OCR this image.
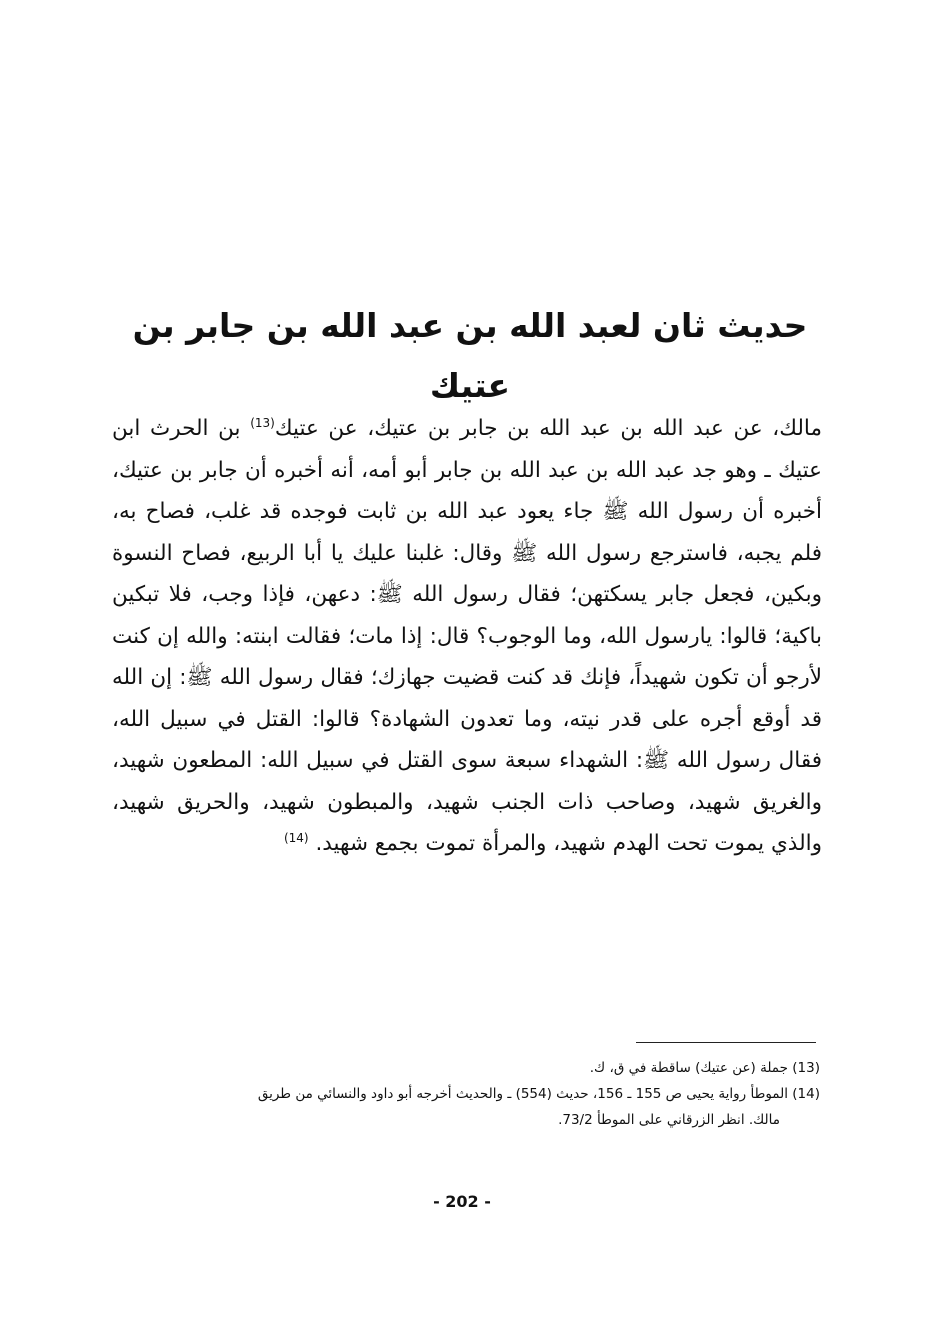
حديث ثان لعبد الله بن عبد الله بن جابر بن عتيك

مالك، عن عبد الله بن عبد الله بن جابر بن عتيك، عن عتيك$^{(13)}$ بن الحرث ابن عتيك ـ وهو جد عبد الله بن عبد الله بن جابر أبو أمه، أنه أخبره أن جابر بن عتيك، أخبره أن رسول الله ﷺ جاء يعود عبد الله بن ثابت فوجده قد غلب، فصاح به، فلم يجبه، فاسترجع رسول الله ﷺ وقال: غلبنا عليك يا أبا الربيع، فصاح النسوة وبكين، فجعل جابر يسكتهن؛ فقال رسول الله ﷺ: دعهن، فإذا وجب، فلا تبكين باكية؛ قالوا: يارسول الله، وما الوجوب؟ قال: إذا مات؛ فقالت ابنته: والله إن كنت لأرجو أن تكون شهيداً، فإنك قد كنت قضيت جهازك؛ فقال رسول الله ﷺ: إن الله قد أوقع أجره على قدر نيته، وما تعدون الشهادة؟ قالوا: القتل في سبيل الله، فقال رسول الله ﷺ: الشهداء سبعة سوى القتل في سبيل الله: المطعون شهيد، والغريق شهيد، وصاحب ذات الجنب شهيد، والمبطون شهيد، والحريق شهيد، والذي يموت تحت الهدم شهيد، والمرأة تموت بجمع شهيد. $^{(14)}$

(13) جملة (عن عتيك) ساقطة في ق، ك.

(14) الموطأ رواية يحيى ص 155 ـ 156، حديث (554) ـ والحديث أخرجه أبو داود والنسائي من طريق

مالك. انظر الزرقاني على الموطأ 73/2.

- 202 -
